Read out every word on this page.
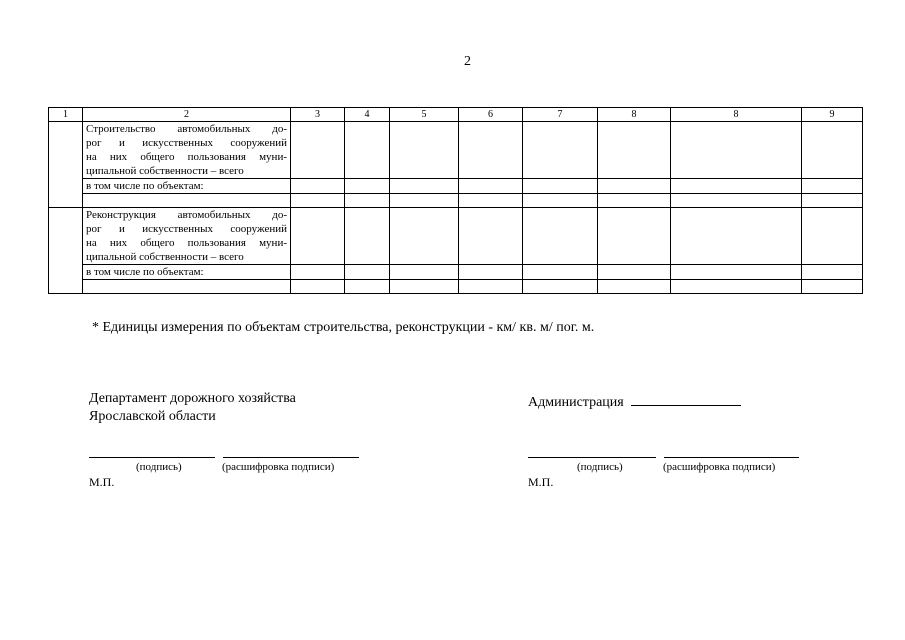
2
1	2	3	4	5	6	7	8	8	9

	Строительство автомобильных до-
рог и искусственных сооружений
на них общего пользования муни-
ципальной собственности – всего								

	в том числе по объектам:								

	Реконструкция автомобильных до-
рог и искусственных сооружений
на них общего пользования муни-
ципальной собственности – всего								

	в том числе по объектам:								

* Единицы измерения по объектам строительства, реконструкции - км/ кв. м/ пог. м.
Департамент дорожного хозяйства
Ярославской области
(подпись)	(расшифровка подписи)
М.П.
Администрация
(подпись)	(расшифровка подписи)
М.П.
